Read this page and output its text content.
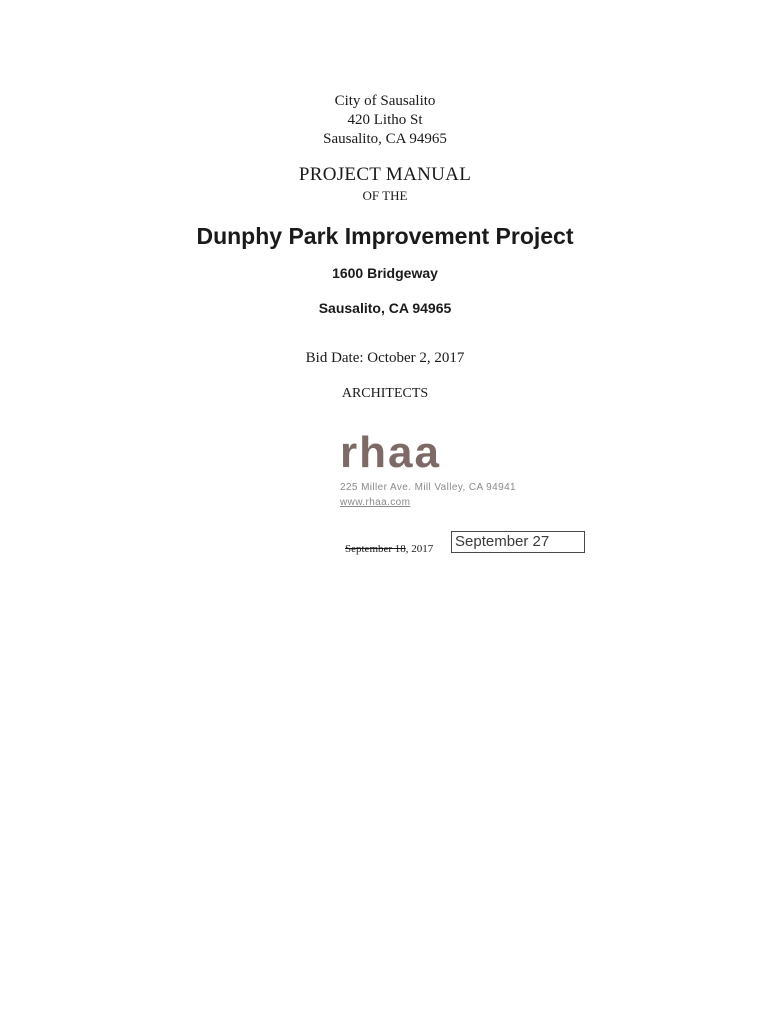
City of Sausalito
420 Litho St
Sausalito, CA 94965
PROJECT MANUAL
OF THE
Dunphy Park Improvement Project
1600 Bridgeway
Sausalito, CA 94965
Bid Date: October 2, 2017
ARCHITECTS
rhaa
225 Miller Ave. Mill Valley, CA 94941
www.rhaa.com
September 18, 2017 September 27
